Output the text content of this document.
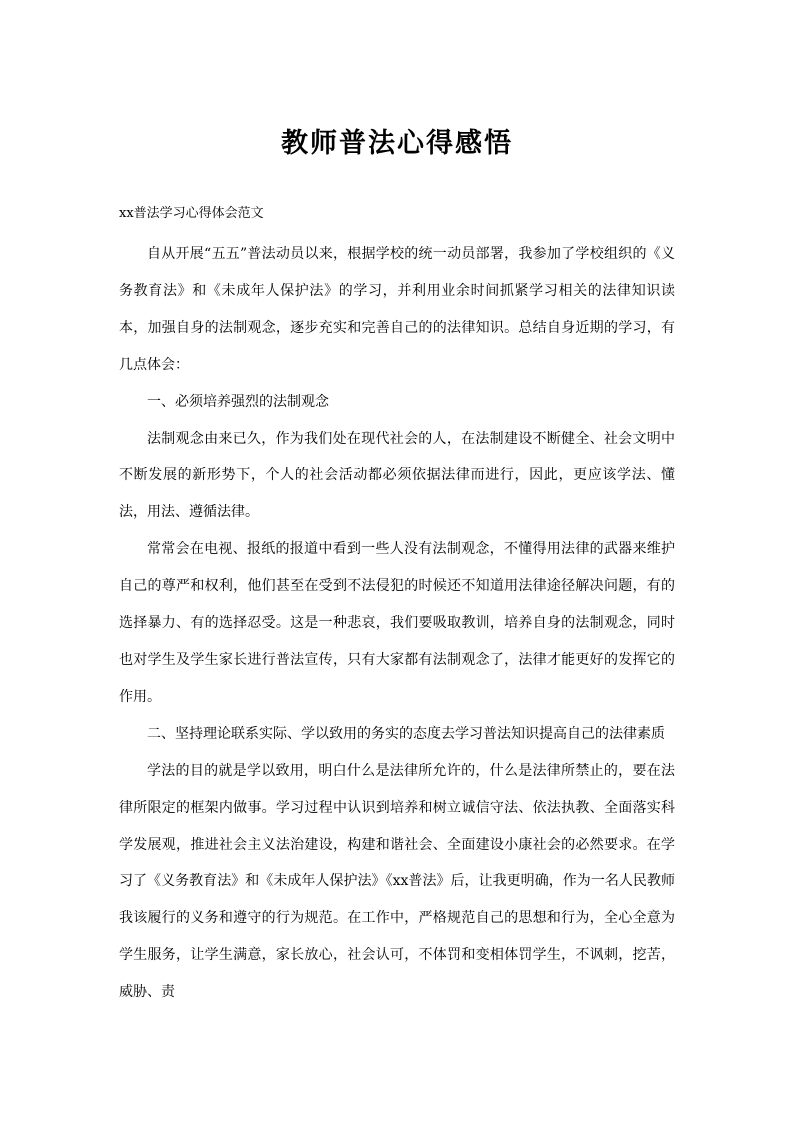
教师普法心得感悟
xx普法学习心得体会范文

自从开展“五五”普法动员以来，根据学校的统一动员部署，我参加了学校组织的《义务教育法》和《未成年人保护法》的学习，并利用业余时间抓紧学习相关的法律知识读本，加强自身的法制观念，逐步充实和完善自己的的法律知识。总结自身近期的学习，有几点体会：

一、必须培养强烈的法制观念

法制观念由来已久，作为我们处在现代社会的人，在法制建设不断健全、社会文明中不断发展的新形势下，个人的社会活动都必须依据法律而进行，因此，更应该学法、懂法，用法、遵循法律。

常常会在电视、报纸的报道中看到一些人没有法制观念，不懂得用法律的武器来维护自己的尊严和权利，他们甚至在受到不法侵犯的时候还不知道用法律途径解决问题，有的选择暴力、有的选择忍受。这是一种悲哀，我们要吸取教训，培养自身的法制观念，同时也对学生及学生家长进行普法宣传，只有大家都有法制观念了，法律才能更好的发挥它的作用。

二、坚持理论联系实际、学以致用的务实的态度去学习普法知识提高自己的法律素质

学法的目的就是学以致用，明白什么是法律所允许的，什么是法律所禁止的，要在法律所限定的框架内做事。学习过程中认识到培养和树立诚信守法、依法执教、全面落实科学发展观，推进社会主义法治建设，构建和谐社会、全面建设小康社会的必然要求。在学习了《义务教育法》和《未成年人保护法》《xx普法》后，让我更明确，作为一名人民教师我该履行的义务和遵守的行为规范。在工作中，严格规范自己的思想和行为，全心全意为学生服务，让学生满意，家长放心，社会认可，不体罚和变相体罚学生，不讽刺，挖苦，威胁、责
